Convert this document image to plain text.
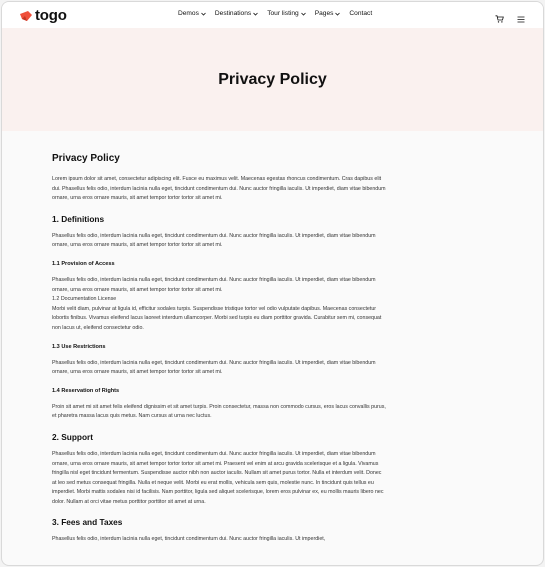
togo	Demos Destinations Tour listing Pages Contact
Privacy Policy
Privacy Policy
Lorem ipsum dolor sit amet, consectetur adipiscing elit. Fusce eu maximus velit. Maecenas egestas rhoncus condimentum. Cras dapibus elit dui. Phasellus felis odio, interdum lacinia nulla eget, tincidunt condimentum dui. Nunc auctor fringilla iaculis. Ut imperdiet, diam vitae bibendum ornare, urna eros ornare mauris, sit amet tempor tortor tortor sit amet mi.
1. Definitions
Phasellus felis odio, interdum lacinia nulla eget, tincidunt condimentum dui. Nunc auctor fringilla iaculis. Ut imperdiet, diam vitae bibendum ornare, urna eros ornare mauris, sit amet tempor tortor tortor sit amet mi.
1.1 Provision of Access
Phasellus felis odio, interdum lacinia nulla eget, tincidunt condimentum dui. Nunc auctor fringilla iaculis. Ut imperdiet, diam vitae bibendum ornare, urna eros ornare mauris, sit amet tempor tortor tortor sit amet mi.
1.2 Documentation License
Morbi velit diam, pulvinar at ligula id, efficitur sodales turpis. Suspendisse tristique tortor vel odio vulputate dapibus. Maecenas consectetur lobortis finibus. Vivamus eleifend lacus laoreet interdum ullamcorper. Morbi sed turpis eu diam porttitor gravida. Curabitur sem mi, consequat non lacus ut, eleifend consectetur odio.
1.3 Use Restrictions
Phasellus felis odio, interdum lacinia nulla eget, tincidunt condimentum dui. Nunc auctor fringilla iaculis. Ut imperdiet, diam vitae bibendum ornare, urna eros ornare mauris, sit amet tempor tortor tortor sit amet mi.
1.4 Reservation of Rights
Proin sit amet mi sit amet felis eleifend dignissim et sit amet turpis. Proin consectetur, massa non commodo cursus, eros lacus convallis purus, et pharetra massa lacus quis metus. Nam cursus at urna nec luctus.
2. Support
Phasellus felis odio, interdum lacinia nulla eget, tincidunt condimentum dui. Nunc auctor fringilla iaculis. Ut imperdiet, diam vitae bibendum ornare, urna eros ornare mauris, sit amet tempor tortor tortor sit amet mi. Praesent vel enim at arcu gravida scelerisque et a ligula. Vivamus fringilla nisl eget tincidunt fermentum. Suspendisse auctor nibh non auctor iaculis. Nullam sit amet purus tortor. Nulla et interdum velit. Donec at leo sed metus consequat fringilla. Nulla et neque velit. Morbi eu erat mollis, vehicula sem quis, molestie nunc. In tincidunt quis tellus eu imperdiet. Morbi mattis sodales nisi id facilisis. Nam porttitor, ligula sed aliquet scelerisque, lorem eros pulvinar ex, eu mollis mauris libero nec dolor. Nullam at orci vitae metus porttitor porttitor sit amet at urna.
3. Fees and Taxes
Phasellus felis odio, interdum lacinia nulla eget, tincidunt condimentum dui. Nunc auctor fringilla iaculis. Ut imperdiet,
